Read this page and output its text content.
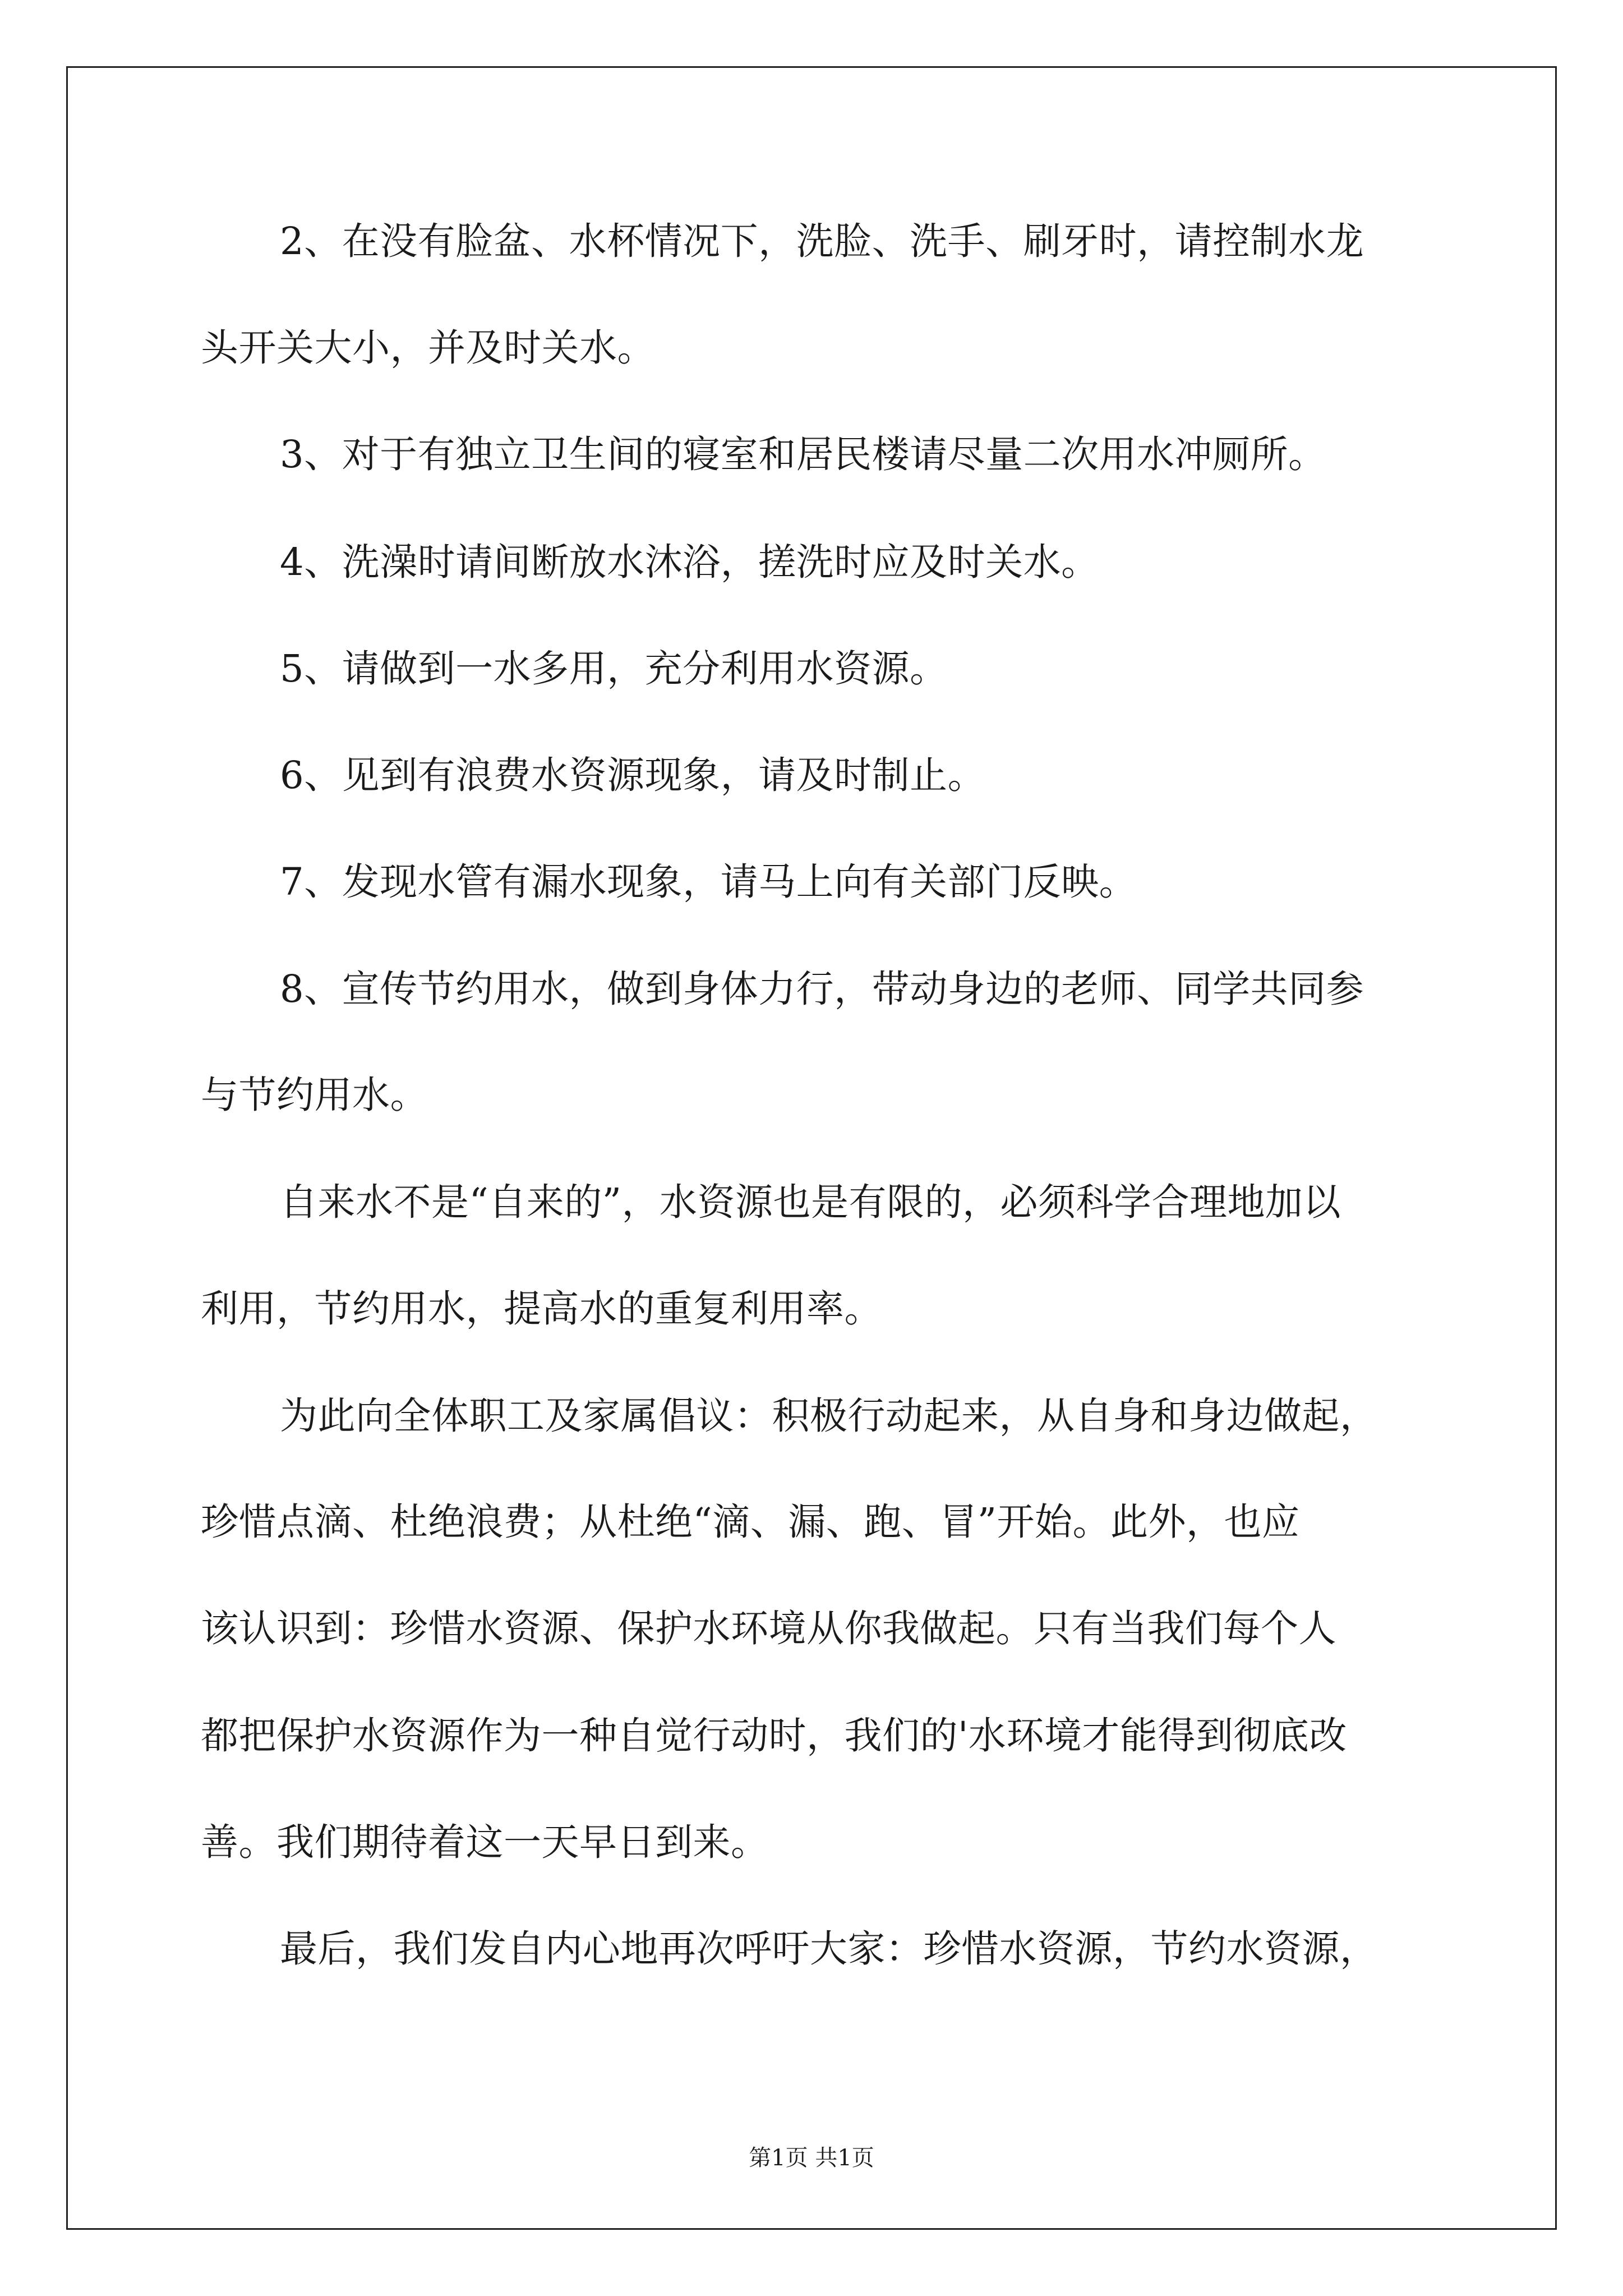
2、在没有脸盆、水杯情况下，洗脸、洗手、刷牙时，请控制水龙
头开关大小，并及时关水。
3、对于有独立卫生间的寝室和居民楼请尽量二次用水冲厕所。
4、洗澡时请间断放水沐浴，搓洗时应及时关水。
5、请做到一水多用，充分利用水资源。
6、见到有浪费水资源现象，请及时制止。
7、发现水管有漏水现象，请马上向有关部门反映。
8、宣传节约用水，做到身体力行，带动身边的老师、同学共同参
与节约用水。
自来水不是“自来的”，水资源也是有限的，必须科学合理地加以
利用，节约用水，提高水的重复利用率。
为此向全体职工及家属倡议：积极行动起来，从自身和身边做起，
珍惜点滴、杜绝浪费；从杜绝“滴、漏、跑、冒”开始。此外，也应
该认识到：珍惜水资源、保护水环境从你我做起。只有当我们每个人
都把保护水资源作为一种自觉行动时，我们的'水环境才能得到彻底改
善。我们期待着这一天早日到来。
最后，我们发自内心地再次呼吁大家：珍惜水资源，节约水资源，
第1页 共1页
